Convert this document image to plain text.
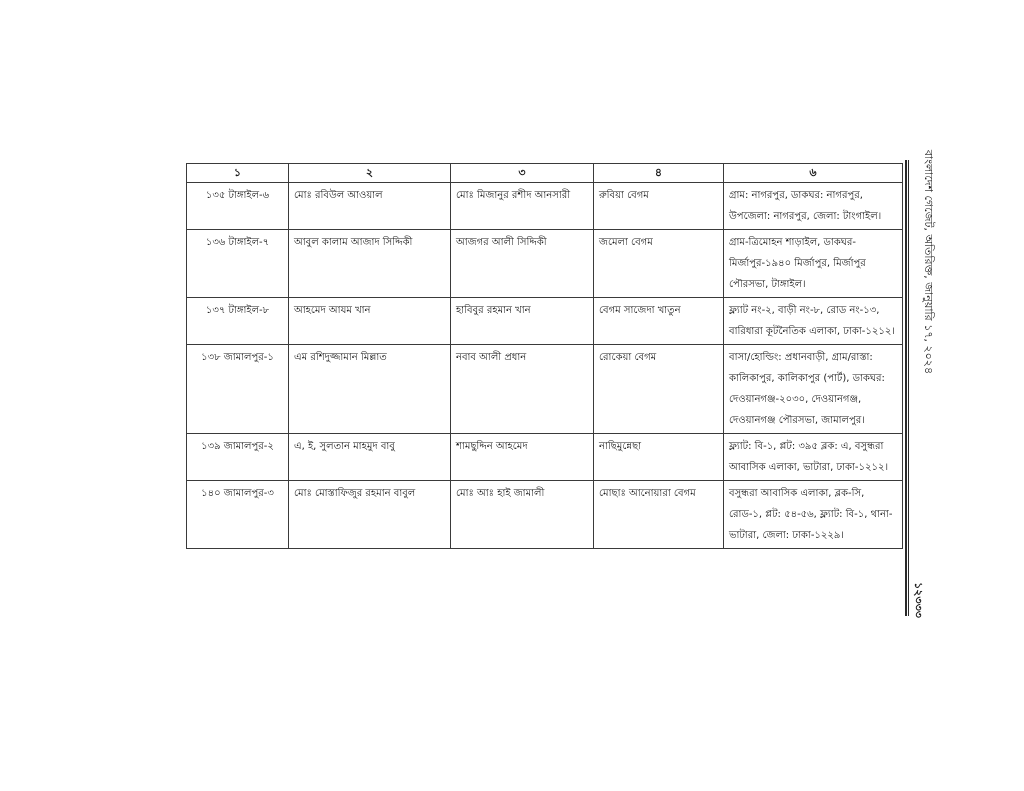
১	২	৩	৪	৬
১৩৫ টাঙ্গাইল-৬	মোঃ রবিউল আওয়াল	মোঃ মিজানুর রশীদ আনসারী	রুবিয়া বেগম	গ্রাম: নাগরপুর, ডাকঘর: নাগরপুর, উপজেলা: নাগরপুর, জেলা: টাংগাইল।
১৩৬ টাঙ্গাইল-৭	আবুল কালাম আজাদ সিদ্দিকী	আজগর আলী সিদ্দিকী	জমেলা বেগম	গ্রাম-ত্রিমোহন শাড়াইল, ডাকঘর-মির্জাপুর-১৯৪০ মির্জাপুর, মির্জাপুর পৌরসভা, টাঙ্গাইল।
১৩৭ টাঙ্গাইল-৮	আহমেদ আযম খান	হাবিবুর রহমান খান	বেগম সাজেদা খাতুন	ফ্ল্যাট নং-২, বাড়ী নং-৮, রোড নং-১৩, বারিধারা কূটনৈতিক এলাকা, ঢাকা-১২১২।
১৩৮ জামালপুর-১	এম রশিদুজ্জামান মিল্লাত	নবাব আলী প্রধান	রোকেয়া বেগম	বাসা/হোল্ডিং: প্রধানবাড়ী, গ্রাম/রাস্তা: কালিকাপুর, কালিকাপুর (পার্ট), ডাকঘর: দেওয়ানগঞ্জ-২০৩০, দেওয়ানগঞ্জ, দেওয়ানগঞ্জ পৌরসভা, জামালপুর।
১৩৯ জামালপুর-২	এ, ই, সুলতান মাহমুদ বাবু	শামছুদ্দিন আহমেদ	নাছিমুন্নেছা	ফ্ল্যাট: বি-১, প্লট: ৩৯৫ ব্লক: এ, বসুন্ধরা আবাসিক এলাকা, ভাটারা, ঢাকা-১২১২।
১৪০ জামালপুর-৩	মোঃ মোস্তাফিজুর রহমান বাবুল	মোঃ আঃ হাই জামালী	মোছাঃ আনোয়ারা বেগম	বসুন্ধরা আবাসিক এলাকা, ব্লক-সি, রোড-১, প্লট: ৫৪-৫৬, ফ্ল্যাট: বি-১, থানা-ভাটারা, জেলা: ঢাকা-১২২৯।
বাংলাদেশ গেজেট, অতিরিক্ত, জানুয়ারি ১৭, ২০২৪
১২৩৩৩
